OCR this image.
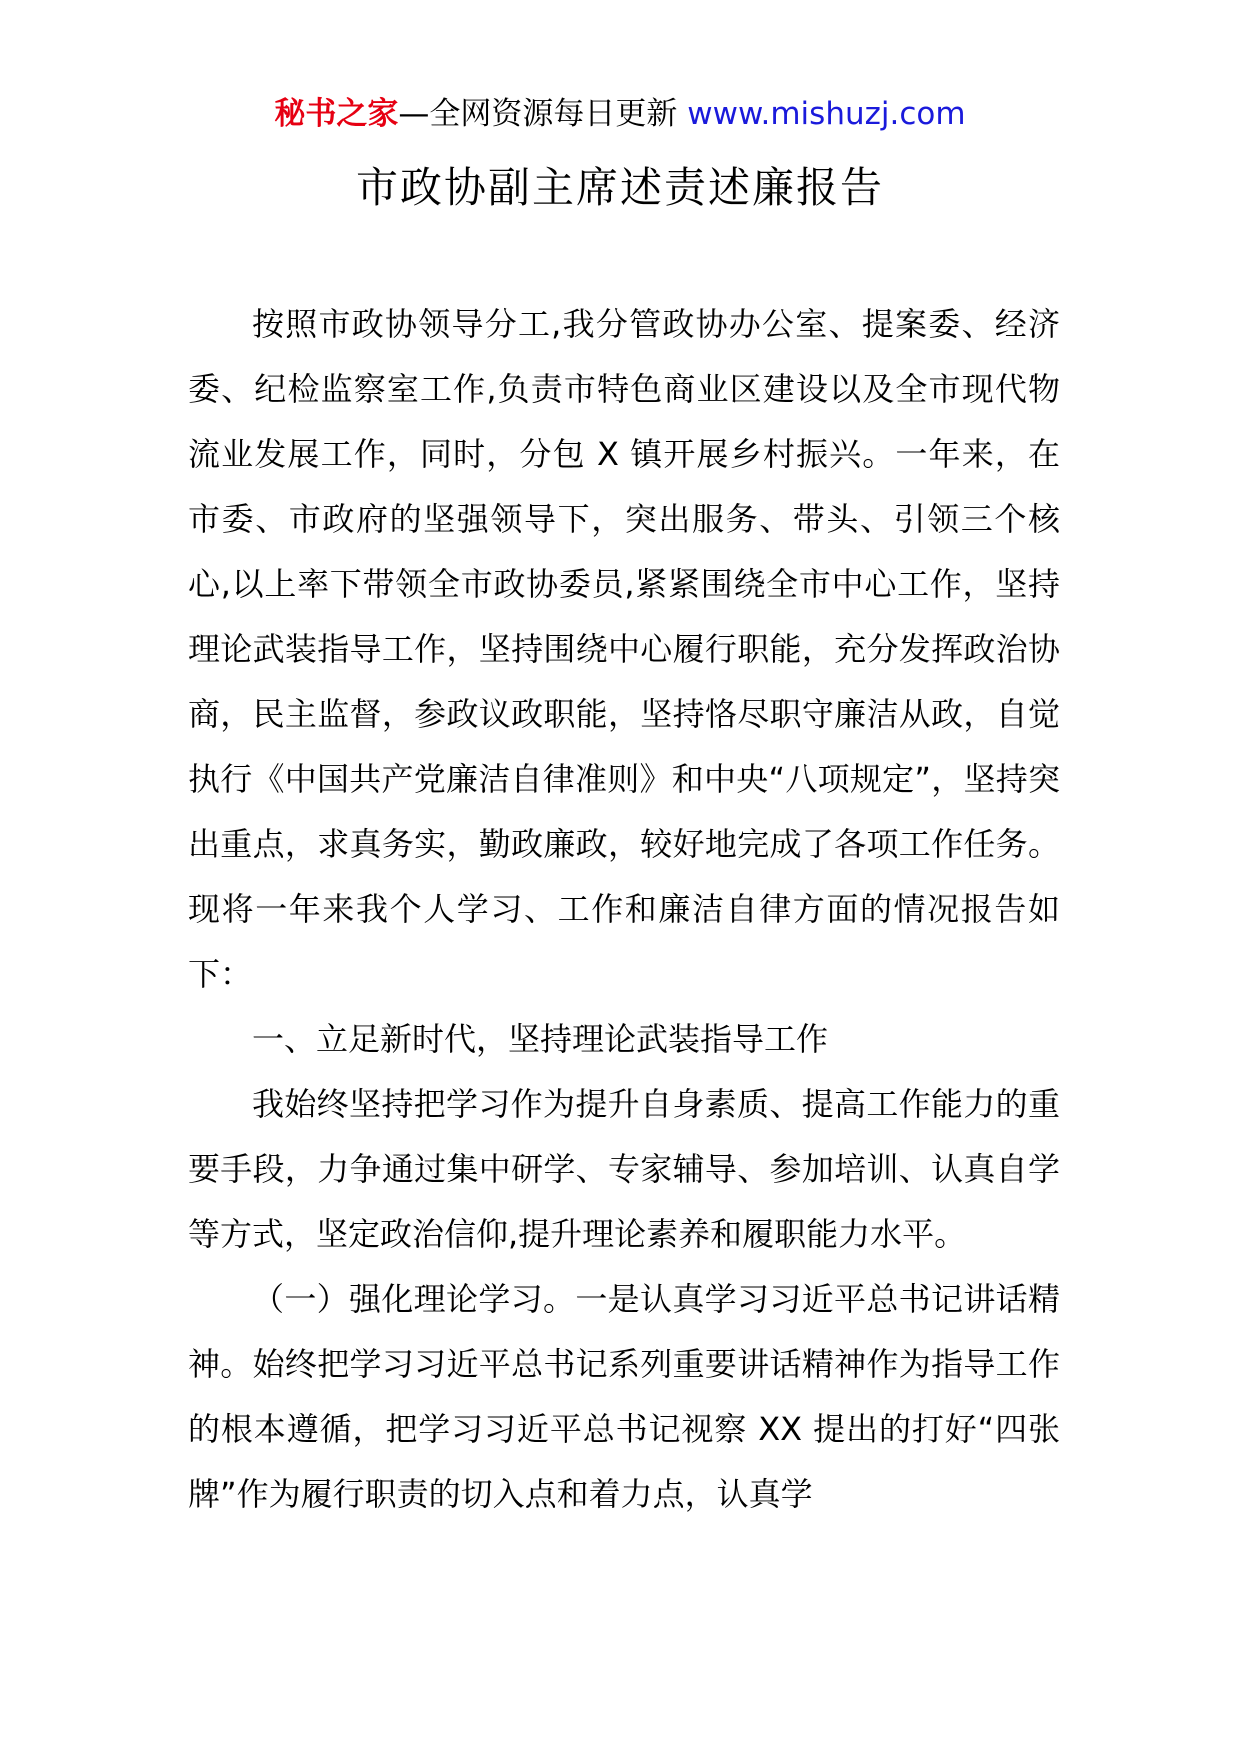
秘书之家—全网资源每日更新 www.mishuzj.com
市政协副主席述责述廉报告

按照市政协领导分工,我分管政协办公室、提案委、经济委、纪检监察室工作,负责市特色商业区建设以及全市现代物流业发展工作，同时，分包 X 镇开展乡村振兴。一年来，在市委、市政府的坚强领导下，突出服务、带头、引领三个核心,以上率下带领全市政协委员,紧紧围绕全市中心工作，坚持理论武装指导工作，坚持围绕中心履行职能，充分发挥政治协商，民主监督，参政议政职能，坚持恪尽职守廉洁从政，自觉执行《中国共产党廉洁自律准则》和中央“八项规定”，坚持突出重点，求真务实，勤政廉政，较好地完成了各项工作任务。现将一年来我个人学习、工作和廉洁自律方面的情况报告如下：

一、立足新时代，坚持理论武装指导工作

我始终坚持把学习作为提升自身素质、提高工作能力的重要手段，力争通过集中研学、专家辅导、参加培训、认真自学等方式，坚定政治信仰,提升理论素养和履职能力水平。

（一）强化理论学习。一是认真学习习近平总书记讲话精神。始终把学习习近平总书记系列重要讲话精神作为指导工作的根本遵循，把学习习近平总书记视察 XX 提出的打好“四张牌”作为履行职责的切入点和着力点，认真学
